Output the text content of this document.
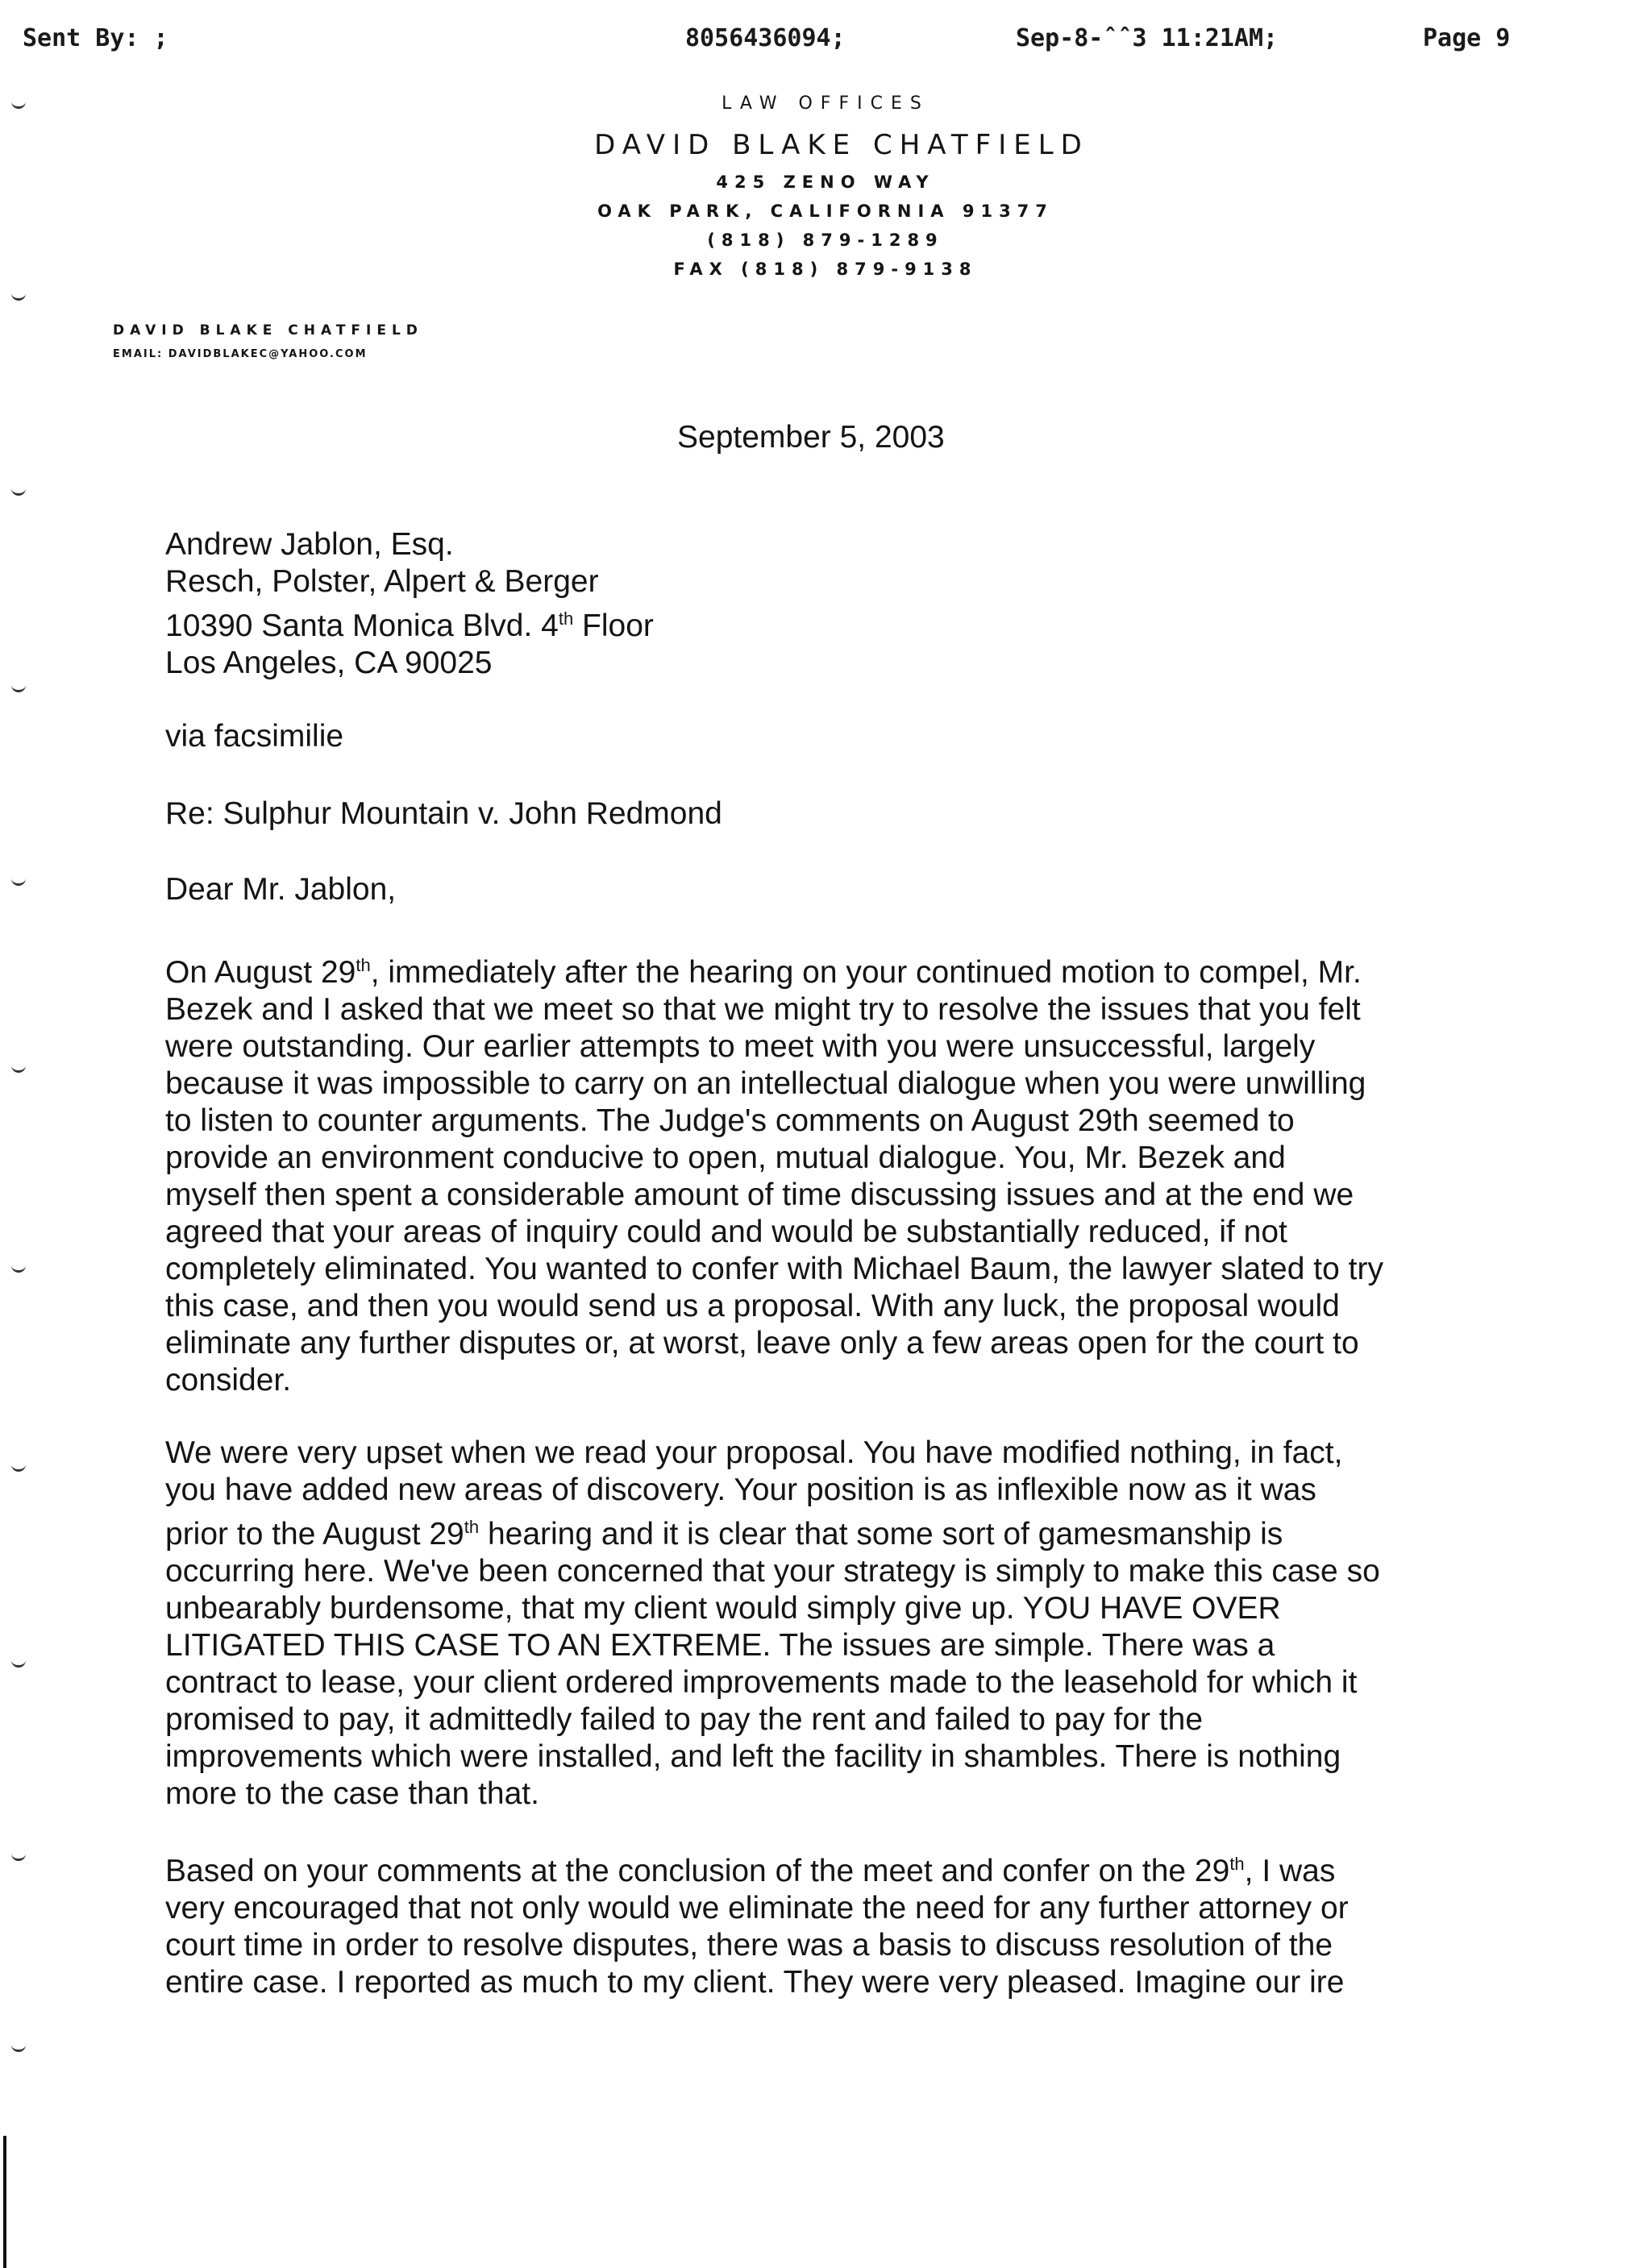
Sent By: ;	8056436094;	Sep-8-ˆˆ3 11:21AM;	Page 9
LAW OFFICES
DAVID BLAKE CHATFIELD
425 ZENO WAY
OAK PARK, CALIFORNIA 91377
(818) 879-1289
FAX (818) 879-9138
DAVID BLAKE CHATFIELD
EMAIL: DAVIDBLAKEC@YAHOO.COM
September 5, 2003
Andrew Jablon, Esq.
Resch, Polster, Alpert & Berger
10390 Santa Monica Blvd. 4th Floor
Los Angeles, CA 90025
via facsimilie
Re: Sulphur Mountain v. John Redmond
Dear Mr. Jablon,
On August 29th, immediately after the hearing on your continued motion to compel, Mr.
Bezek and I asked that we meet so that we might try to resolve the issues that you felt
were outstanding. Our earlier attempts to meet with you were unsuccessful, largely
because it was impossible to carry on an intellectual dialogue when you were unwilling
to listen to counter arguments. The Judge's comments on August 29th seemed to
provide an environment conducive to open, mutual dialogue. You, Mr. Bezek and
myself then spent a considerable amount of time discussing issues and at the end we
agreed that your areas of inquiry could and would be substantially reduced, if not
completely eliminated. You wanted to confer with Michael Baum, the lawyer slated to try
this case, and then you would send us a proposal. With any luck, the proposal would
eliminate any further disputes or, at worst, leave only a few areas open for the court to
consider.
We were very upset when we read your proposal. You have modified nothing, in fact,
you have added new areas of discovery. Your position is as inflexible now as it was
prior to the August 29th hearing and it is clear that some sort of gamesmanship is
occurring here. We've been concerned that your strategy is simply to make this case so
unbearably burdensome, that my client would simply give up. YOU HAVE OVER
LITIGATED THIS CASE TO AN EXTREME. The issues are simple. There was a
contract to lease, your client ordered improvements made to the leasehold for which it
promised to pay, it admittedly failed to pay the rent and failed to pay for the
improvements which were installed, and left the facility in shambles. There is nothing
more to the case than that.
Based on your comments at the conclusion of the meet and confer on the 29th, I was
very encouraged that not only would we eliminate the need for any further attorney or
court time in order to resolve disputes, there was a basis to discuss resolution of the
entire case. I reported as much to my client. They were very pleased. Imagine our ire
